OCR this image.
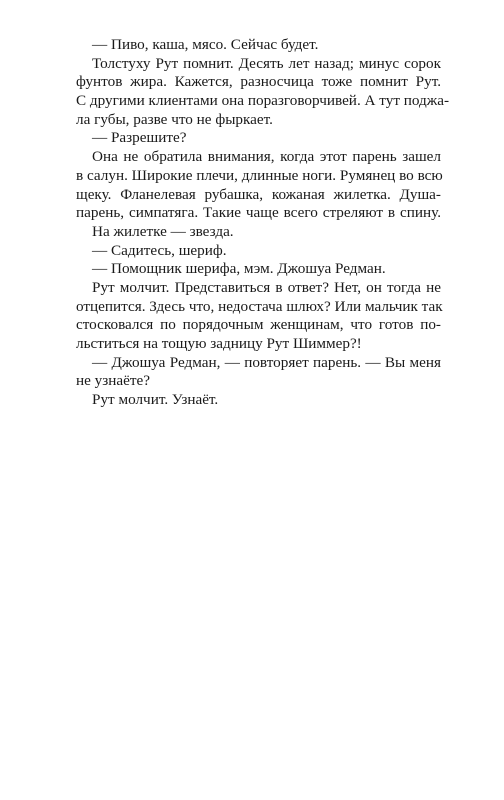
— Пиво, каша, мясо. Сейчас будет.
Толстуху Рут помнит. Десять лет назад; минус сорок
фунтов жира. Кажется, разносчица тоже помнит Рут.
С другими клиентами она поразговорчивей. А тут поджа-
ла губы, разве что не фыркает.
— Разрешите?
Она не обратила внимания, когда этот парень зашел
в салун. Широкие плечи, длинные ноги. Румянец во всю
щеку. Фланелевая рубашка, кожаная жилетка. Душа-
парень, симпатяга. Такие чаще всего стреляют в спину.
На жилетке — звезда.
— Садитесь, шериф.
— Помощник шерифа, мэм. Джошуа Редман.
Рут молчит. Представиться в ответ? Нет, он тогда не
отцепится. Здесь что, недостача шлюх? Или мальчик так
стосковался по порядочным женщинам, что готов по-
льститься на тощую задницу Рут Шиммер?!
— Джошуа Редман, — повторяет парень. — Вы меня
не узнаёте?
Рут молчит. Узнаёт.
